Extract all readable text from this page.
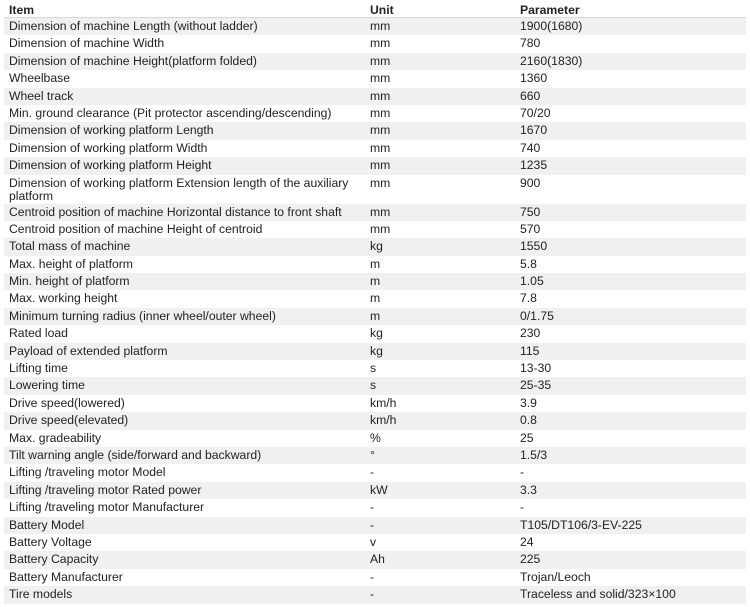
Item	Unit	Parameter
Dimension of machine Length (without ladder)	mm	1900(1680)
Dimension of machine Width	mm	780
Dimension of machine Height(platform folded)	mm	2160(1830)
Wheelbase	mm	1360
Wheel track	mm	660
Min. ground clearance (Pit protector ascending/descending)	mm	70/20
Dimension of working platform Length	mm	1670
Dimension of working platform Width	mm	740
Dimension of working platform Height	mm	1235
Dimension of working platform Extension length of the auxiliary platform	mm	900
Centroid position of machine Horizontal distance to front shaft	mm	750
Centroid position of machine Height of centroid	mm	570
Total mass of machine	kg	1550
Max. height of platform	m	5.8
Min. height of platform	m	1.05
Max. working height	m	7.8
Minimum turning radius (inner wheel/outer wheel)	m	0/1.75
Rated load	kg	230
Payload of extended platform	kg	115
Lifting time	s	13-30
Lowering time	s	25-35
Drive speed(lowered)	km/h	3.9
Drive speed(elevated)	km/h	0.8
Max. gradeability	%	25
Tilt warning angle (side/forward and backward)	°	1.5/3
Lifting /traveling motor Model	-	-
Lifting /traveling motor Rated power	kW	3.3
Lifting /traveling motor Manufacturer	-	-
Battery Model	-	T105/DT106/3-EV-225
Battery Voltage	v	24
Battery Capacity	Ah	225
Battery Manufacturer	-	Trojan/Leoch
Tire models	-	Traceless and solid/323×100
